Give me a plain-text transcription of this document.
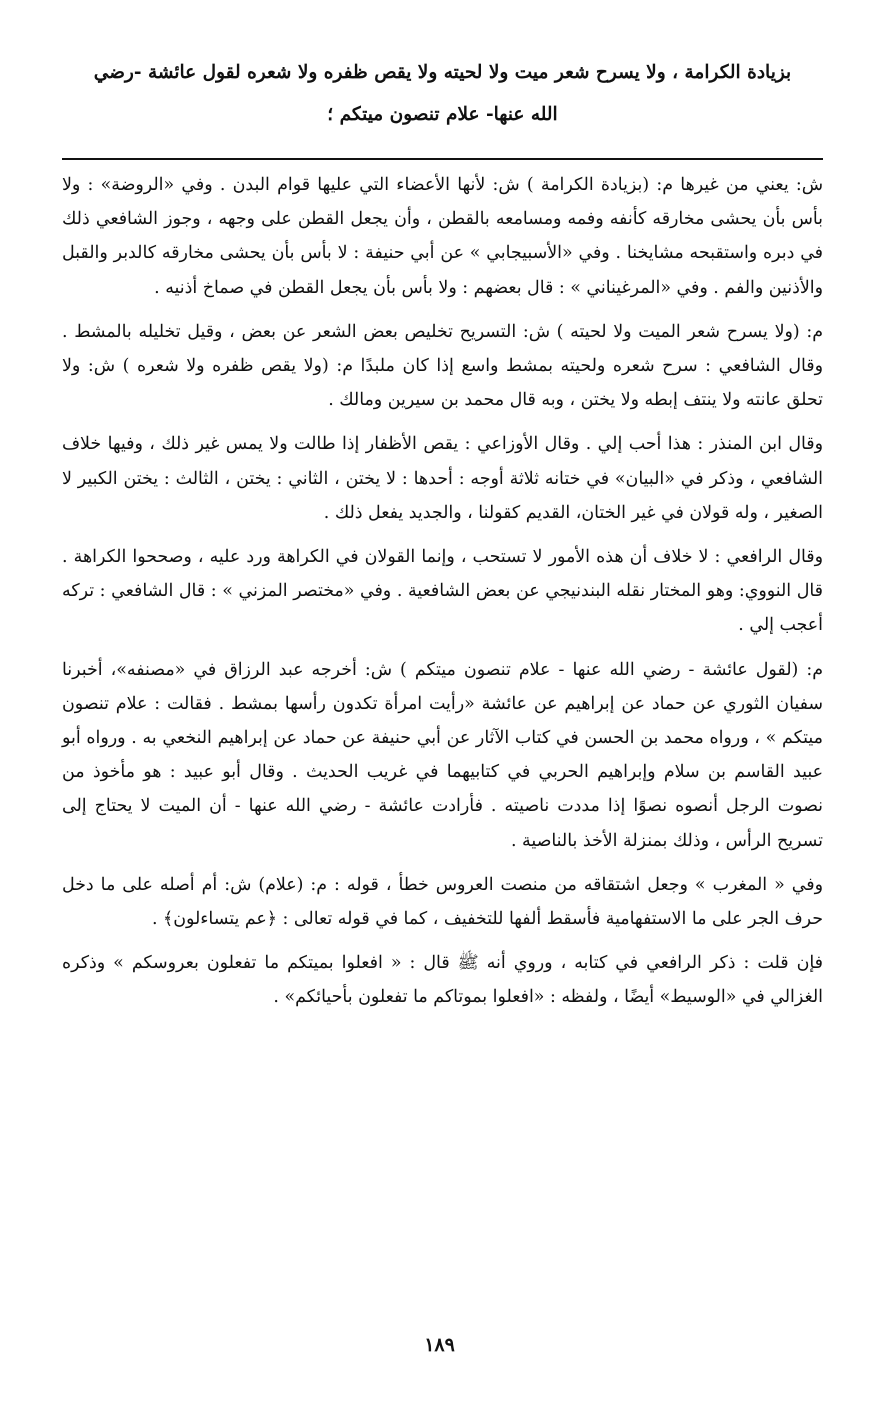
بزيادة الكرامة ، ولا يسرح شعر ميت ولا لحيته ولا يقص ظفره ولا شعره لقول عائشة -رضي

الله عنها- علام تنصون ميتكم ؛

ش: يعني من غيرها م: (بزيادة الكرامة ) ش: لأنها الأعضاء التي عليها قوام البدن . وفي «الروضة» : ولا بأس بأن يحشى مخارقه كأنفه وفمه ومسامعه بالقطن ، وأن يجعل القطن على وجهه ، وجوز الشافعي ذلك في دبره واستقبحه مشايخنا . وفي «الأسبيجابي » عن أبي حنيفة : لا بأس بأن يحشى مخارقه كالدبر والقبل والأذنين والفم . وفي «المرغيناني » : قال بعضهم : ولا بأس بأن يجعل القطن في صماخ أذنيه .

م: (ولا يسرح شعر الميت ولا لحيته ) ش: التسريح تخليص بعض الشعر عن بعض ، وقيل تخليله بالمشط . وقال الشافعي : سرح شعره ولحيته بمشط واسع إذا كان ملبدًا م: (ولا يقص ظفره ولا شعره ) ش: ولا تحلق عانته ولا ينتف إبطه ولا يختن ، وبه قال محمد بن سيرين ومالك .

وقال ابن المنذر : هذا أحب إلي . وقال الأوزاعي : يقص الأظفار إذا طالت ولا يمس غير ذلك ، وفيها خلاف الشافعي ، وذكر في «البيان» في ختانه ثلاثة أوجه : أحدها : لا يختن ، الثاني : يختن ، الثالث : يختن الكبير لا الصغير ، وله قولان في غير الختان، القديم كقولنا ، والجديد يفعل ذلك .

وقال الرافعي : لا خلاف أن هذه الأمور لا تستحب ، وإنما القولان في الكراهة ورد عليه ، وصححوا الكراهة . قال النووي: وهو المختار نقله البندنيجي عن بعض الشافعية . وفي «مختصر المزني » : قال الشافعي : تركه أعجب إلي .

م: (لقول عائشة - رضي الله عنها - علام تنصون ميتكم ) ش: أخرجه عبد الرزاق في «مصنفه»، أخبرنا سفيان الثوري عن حماد عن إبراهيم عن عائشة «رأيت امرأة تكدون رأسها بمشط . فقالت : علام تنصون ميتكم » ، ورواه محمد بن الحسن في كتاب الآثار عن أبي حنيفة عن حماد عن إبراهيم النخعي به . ورواه أبو عبيد القاسم بن سلام وإبراهيم الحربي في كتابيهما في غريب الحديث . وقال أبو عبيد : هو مأخوذ من نصوت الرجل أنصوه نصوًا إذا مددت ناصيته . فأرادت عائشة - رضي الله عنها - أن الميت لا يحتاج إلى تسريح الرأس ، وذلك بمنزلة الأخذ بالناصية .

وفي « المغرب » وجعل اشتقاقه من منصت العروس خطأ ، قوله : م: (علام) ش: أم أصله على ما دخل حرف الجر على ما الاستفهامية فأسقط ألفها للتخفيف ، كما في قوله تعالى : ﴿عم يتساءلون﴾ .

فإن قلت : ذكر الرافعي في كتابه ، وروي أنه ﷺ قال : « افعلوا بميتكم ما تفعلون بعروسكم » وذكره الغزالي في «الوسيط» أيضًا ، ولفظه : «افعلوا بموتاكم ما تفعلون بأحيائكم» .

١٨٩
